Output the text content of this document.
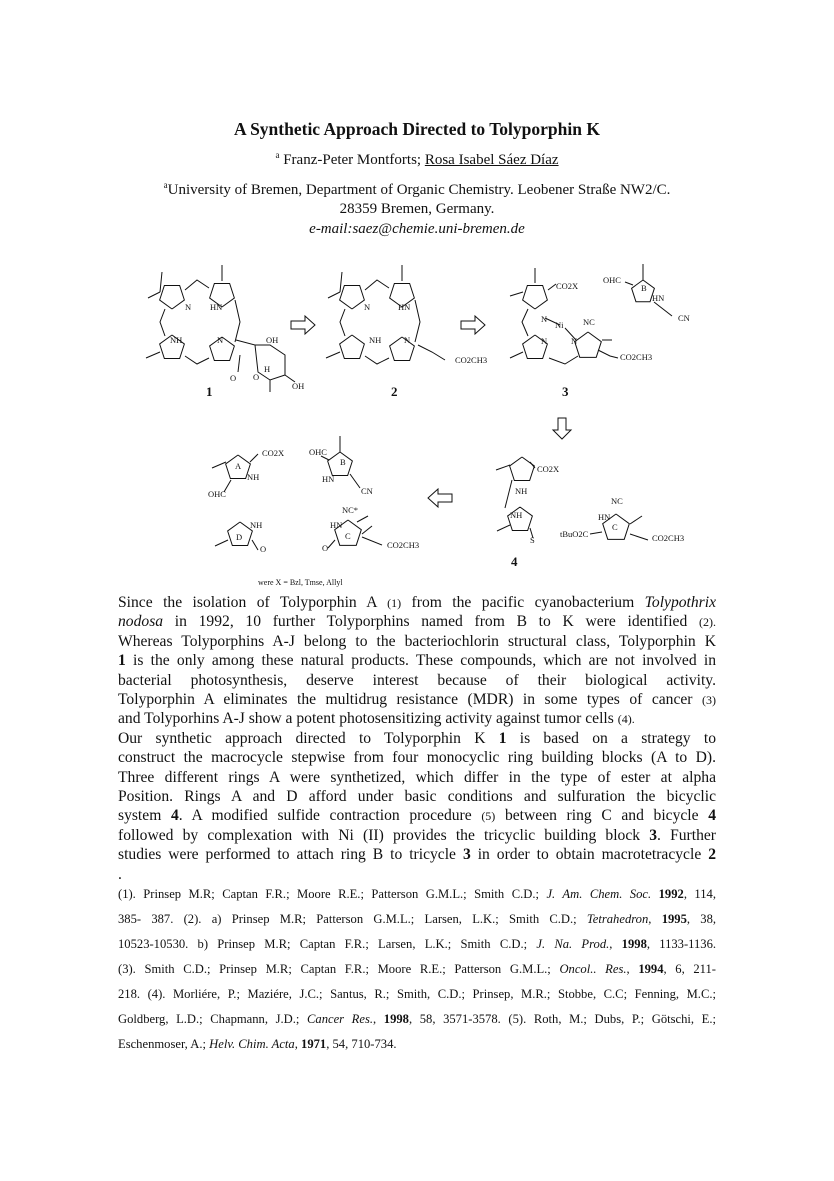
A Synthetic Approach Directed to Tolyporphin K
$^a$ Franz-Peter Montforts; Rosa Isabel Sáez Díaz
$^a$University of Bremen, Department of Organic Chemistry. Leobener Straße NW2/C.
28359 Bremen, Germany.
e-mail:saez@chemie.uni-bremen.de
N HN
NH	N	OH
O O
H
OH
1
N	HN
NH	N
CO2CH3
2
CO2X
OHC
B
HN
CN
N
Ni NC
N
N
CO2CH3
3
CO2X
A
NH
OHC
OHC
B
HN
CN
NH
D
O
NC*
HN
C
O	CO2CH3
CO2X
NH
NH
S
4
NC
HN
C
tBuO2C	CO2CH3
were X = Bzl, Tmse, Allyl
Since the isolation of Tolyporphin A (1) from the pacific cyanobacterium Tolypothrix
nodosa in 1992, 10 further Tolyporphins named from B to K were identified (2).
Whereas Tolyporphins A-J belong to the bacteriochlorin structural class, Tolyporphin K
1 is the only among these natural products. These compounds, which are not involved in
bacterial photosynthesis, deserve interest because of their biological activity.
Tolyporphin A eliminates the multidrug resistance (MDR) in some types of cancer (3)
and Tolyporhins A-J show a potent photosensitizing activity against tumor cells (4).
Our synthetic approach directed to Tolyporphin K 1 is based on a strategy to
construct the macrocycle stepwise from four monocyclic ring building blocks (A to D).
Three different rings A were synthetized, which differ in the type of ester at alpha
Position. Rings A and D afford under basic conditions and sulfuration the bicyclic
system 4. A modified sulfide contraction procedure (5) between ring C and bicycle 4
followed by complexation with Ni (II) provides the tricyclic building block 3. Further
studies were performed to attach ring B to tricycle 3 in order to obtain macrotetracycle 2
.
(1). Prinsep M.R; Captan F.R.; Moore R.E.; Patterson G.M.L.; Smith C.D.; J. Am. Chem. Soc. 1992, 114,
385- 387. (2). a) Prinsep M.R; Patterson G.M.L.; Larsen, L.K.; Smith C.D.; Tetrahedron, 1995, 38,
10523-10530. b) Prinsep M.R; Captan F.R.; Larsen, L.K.; Smith C.D.; J. Na. Prod., 1998, 1133-1136.
(3). Smith C.D.; Prinsep M.R; Captan F.R.; Moore R.E.; Patterson G.M.L.; Oncol.. Res., 1994, 6, 211-
218. (4). Morliére, P.; Maziére, J.C.; Santus, R.; Smith, C.D.; Prinsep, M.R.; Stobbe, C.C; Fenning, M.C.;
Goldberg, L.D.; Chapmann, J.D.; Cancer Res., 1998, 58, 3571-3578. (5). Roth, M.; Dubs, P.; Götschi, E.;
Eschenmoser, A.; Helv. Chim. Acta, 1971, 54, 710-734.
